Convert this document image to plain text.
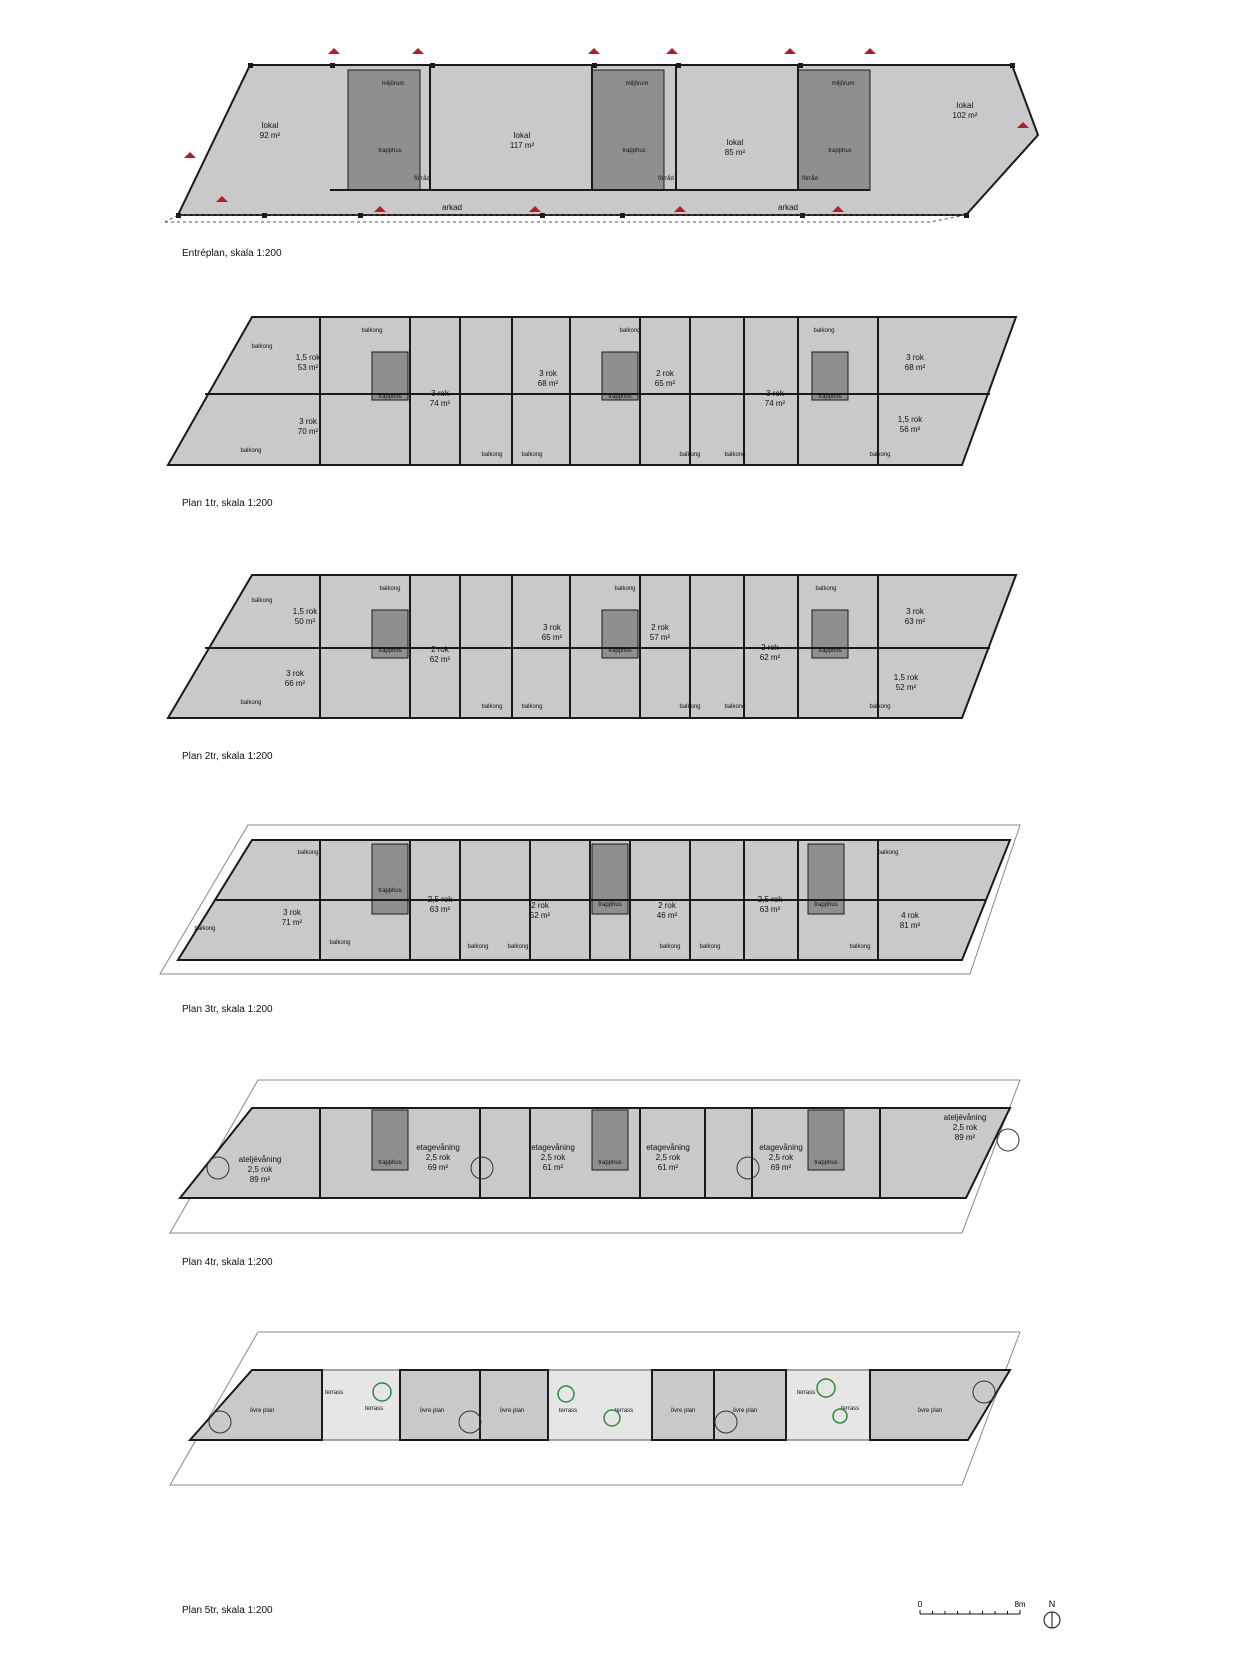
lokal
92 m²	lokal
117 m²	lokal
85 m²
lokal
102 m²
miljörum
trapphus
förråd
miljörum
trapphus
förråd
miljörum
trapphus
förråd
arkad	arkad
Entréplan, skala 1:200
1,5 rok
53 m²
3 rok
70 m²
3 rok
74 m²
3 rok
68 m²
2 rok
65 m²
3 rok
74 m²
3 rok
68 m²
1,5 rok
56 m²
balkong
balkong
balkong
balkong	balkong
balkong
balkong	balkong
balkong
balkong
trapphus	trapphus	trapphus
Plan 1tr, skala 1:200
1,5 rok
50 m²
3 rok
66 m²
2 rok
62 m²
3 rok
65 m²
2 rok
57 m²
2 rok
62 m²
3 rok
63 m²
1,5 rok
52 m²
balkong
balkong
balkong
balkong	balkong
balkong
balkong	balkong
balkong
balkong
trapphus	trapphus	trapphus
Plan 2tr, skala 1:200
3 rok
71 m²
2,5 rok
63 m²	2 rok
52 m²
2 rok
46 m²
2,5 rok
63 m²
4 rok
81 m²
balkong
balkong
balkong
balkong	balkong	balkong	balkong	balkong
balkong
trapphus
trapphus	trapphus
Plan 3tr, skala 1:200
ateljévåning
2,5 rok
89 m²
etagevåning
2,5 rok
69 m²
etagevåning
2,5 rok
61 m²
etagevåning
2,5 rok
61 m²
etagevåning
2,5 rok
69 m²
ateljévåning
2,5 rok
89 m²
trapphus	trapphus	trapphus
Plan 4tr, skala 1:200
övre plan
terrass
terrass	övre plan	övre plan	terrass	terrass	övre plan	övre plan
terrass
terrass	övre plan
Plan 5tr, skala 1:200
0	8m	N
